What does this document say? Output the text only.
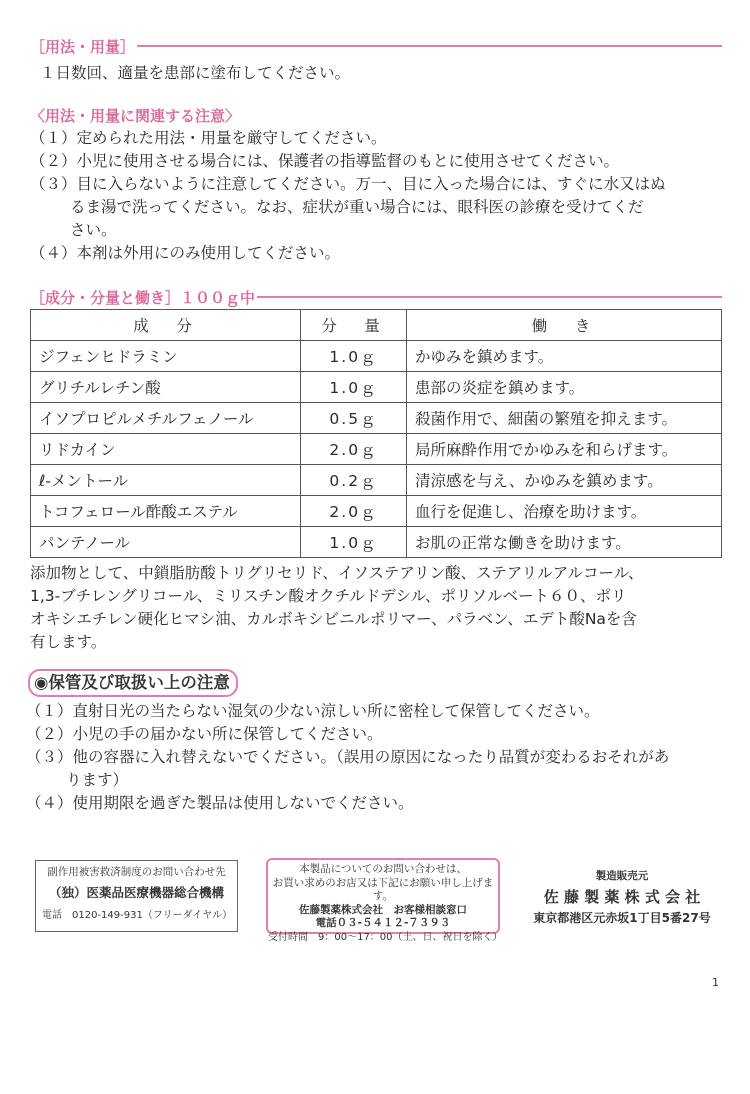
［用法・用量］
１日数回、適量を患部に塗布してください。
〈用法・用量に関連する注意〉
（１）定められた用法・用量を厳守してください。
（２）小児に使用させる場合には、保護者の指導監督のもとに使用させてください。
（３）目に入らないように注意してください。万一、目に入った場合には、すぐに水又はぬ
るま湯で洗ってください。なお、症状が重い場合には、眼科医の診療を受けてくだ
さい。
（４）本剤は外用にのみ使用してください。
［成分・分量と働き］１００ｇ中
成　分	分　量	働　き
ジフェンヒドラミン	1.0ｇ	かゆみを鎮めます。
グリチルレチン酸	1.0ｇ	患部の炎症を鎮めます。
イソプロピルメチルフェノール	0.5ｇ	殺菌作用で、細菌の繁殖を抑えます。
リドカイン	2.0ｇ	局所麻酔作用でかゆみを和らげます。
ℓ-メントール	0.2ｇ	清涼感を与え、かゆみを鎮めます。
トコフェロール酢酸エステル	2.0ｇ	血行を促進し、治療を助けます。
パンテノール	1.0ｇ	お肌の正常な働きを助けます。
添加物として、中鎖脂肪酸トリグリセリド、イソステアリン酸、ステアリルアルコール、
1,3-ブチレングリコール、ミリスチン酸オクチルドデシル、ポリソルベート６０、ポリ
オキシエチレン硬化ヒマシ油、カルボキシビニルポリマー、パラベン、エデト酸Naを含
有します。
◉保管及び取扱い上の注意
（１）直射日光の当たらない湿気の少ない涼しい所に密栓して保管してください。
（２）小児の手の届かない所に保管してください。
（３）他の容器に入れ替えないでください。（誤用の原因になったり品質が変わるおそれがあ
ります）
（４）使用期限を過ぎた製品は使用しないでください。
副作用被害救済制度のお問い合わせ先
（独）医薬品医療機器総合機構
電話　0120-149-931（フリーダイヤル）
本製品についてのお問い合わせは、
お買い求めのお店又は下記にお願い申し上げます。
佐藤製薬株式会社　お客様相談窓口
電話０３-５４１２-７３９３
受付時間　9：00～17：00（土、日、祝日を除く）
製造販売元
佐 藤 製 薬 株 式 会 社
東京都港区元赤坂1丁目5番27号
1
